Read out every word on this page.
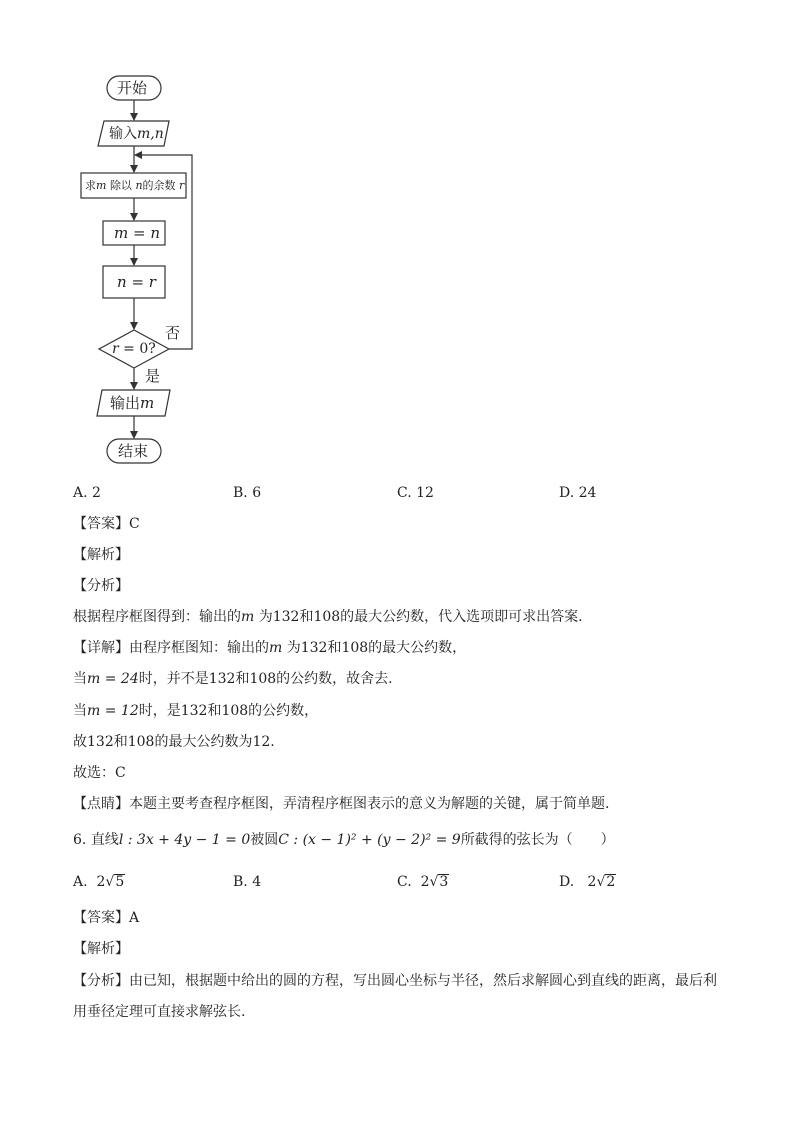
开始
输入m,n
求m 除以 n的余数 r
m = n
n = r
r = 0?
否
是
输出m
结束
A. 2	B. 6	C. 12	D. 24
【答案】C
【解析】
【分析】
根据程序框图得到：输出的m 为132和108的最大公约数，代入选项即可求出答案.
【详解】由程序框图知：输出的m 为132和108的最大公约数，
当m = 24时，并不是132和108的公约数，故舍去.
当m = 12时，是132和108的公约数，
故132和108的最大公约数为12.
故选：C
【点睛】本题主要考查程序框图，弄清程序框图表示的意义为解题的关键，属于简单题.
6. 直线l : 3x + 4y − 1 = 0被圆C : (x − 1)² + (y − 2)² = 9所截得的弦长为（　　）
A. 2√5	B. 4	C. 2√3	D. 2√2
【答案】A
【解析】
【分析】由已知，根据题中给出的圆的方程，写出圆心坐标与半径，然后求解圆心到直线的距离，最后利
用垂径定理可直接求解弦长.
